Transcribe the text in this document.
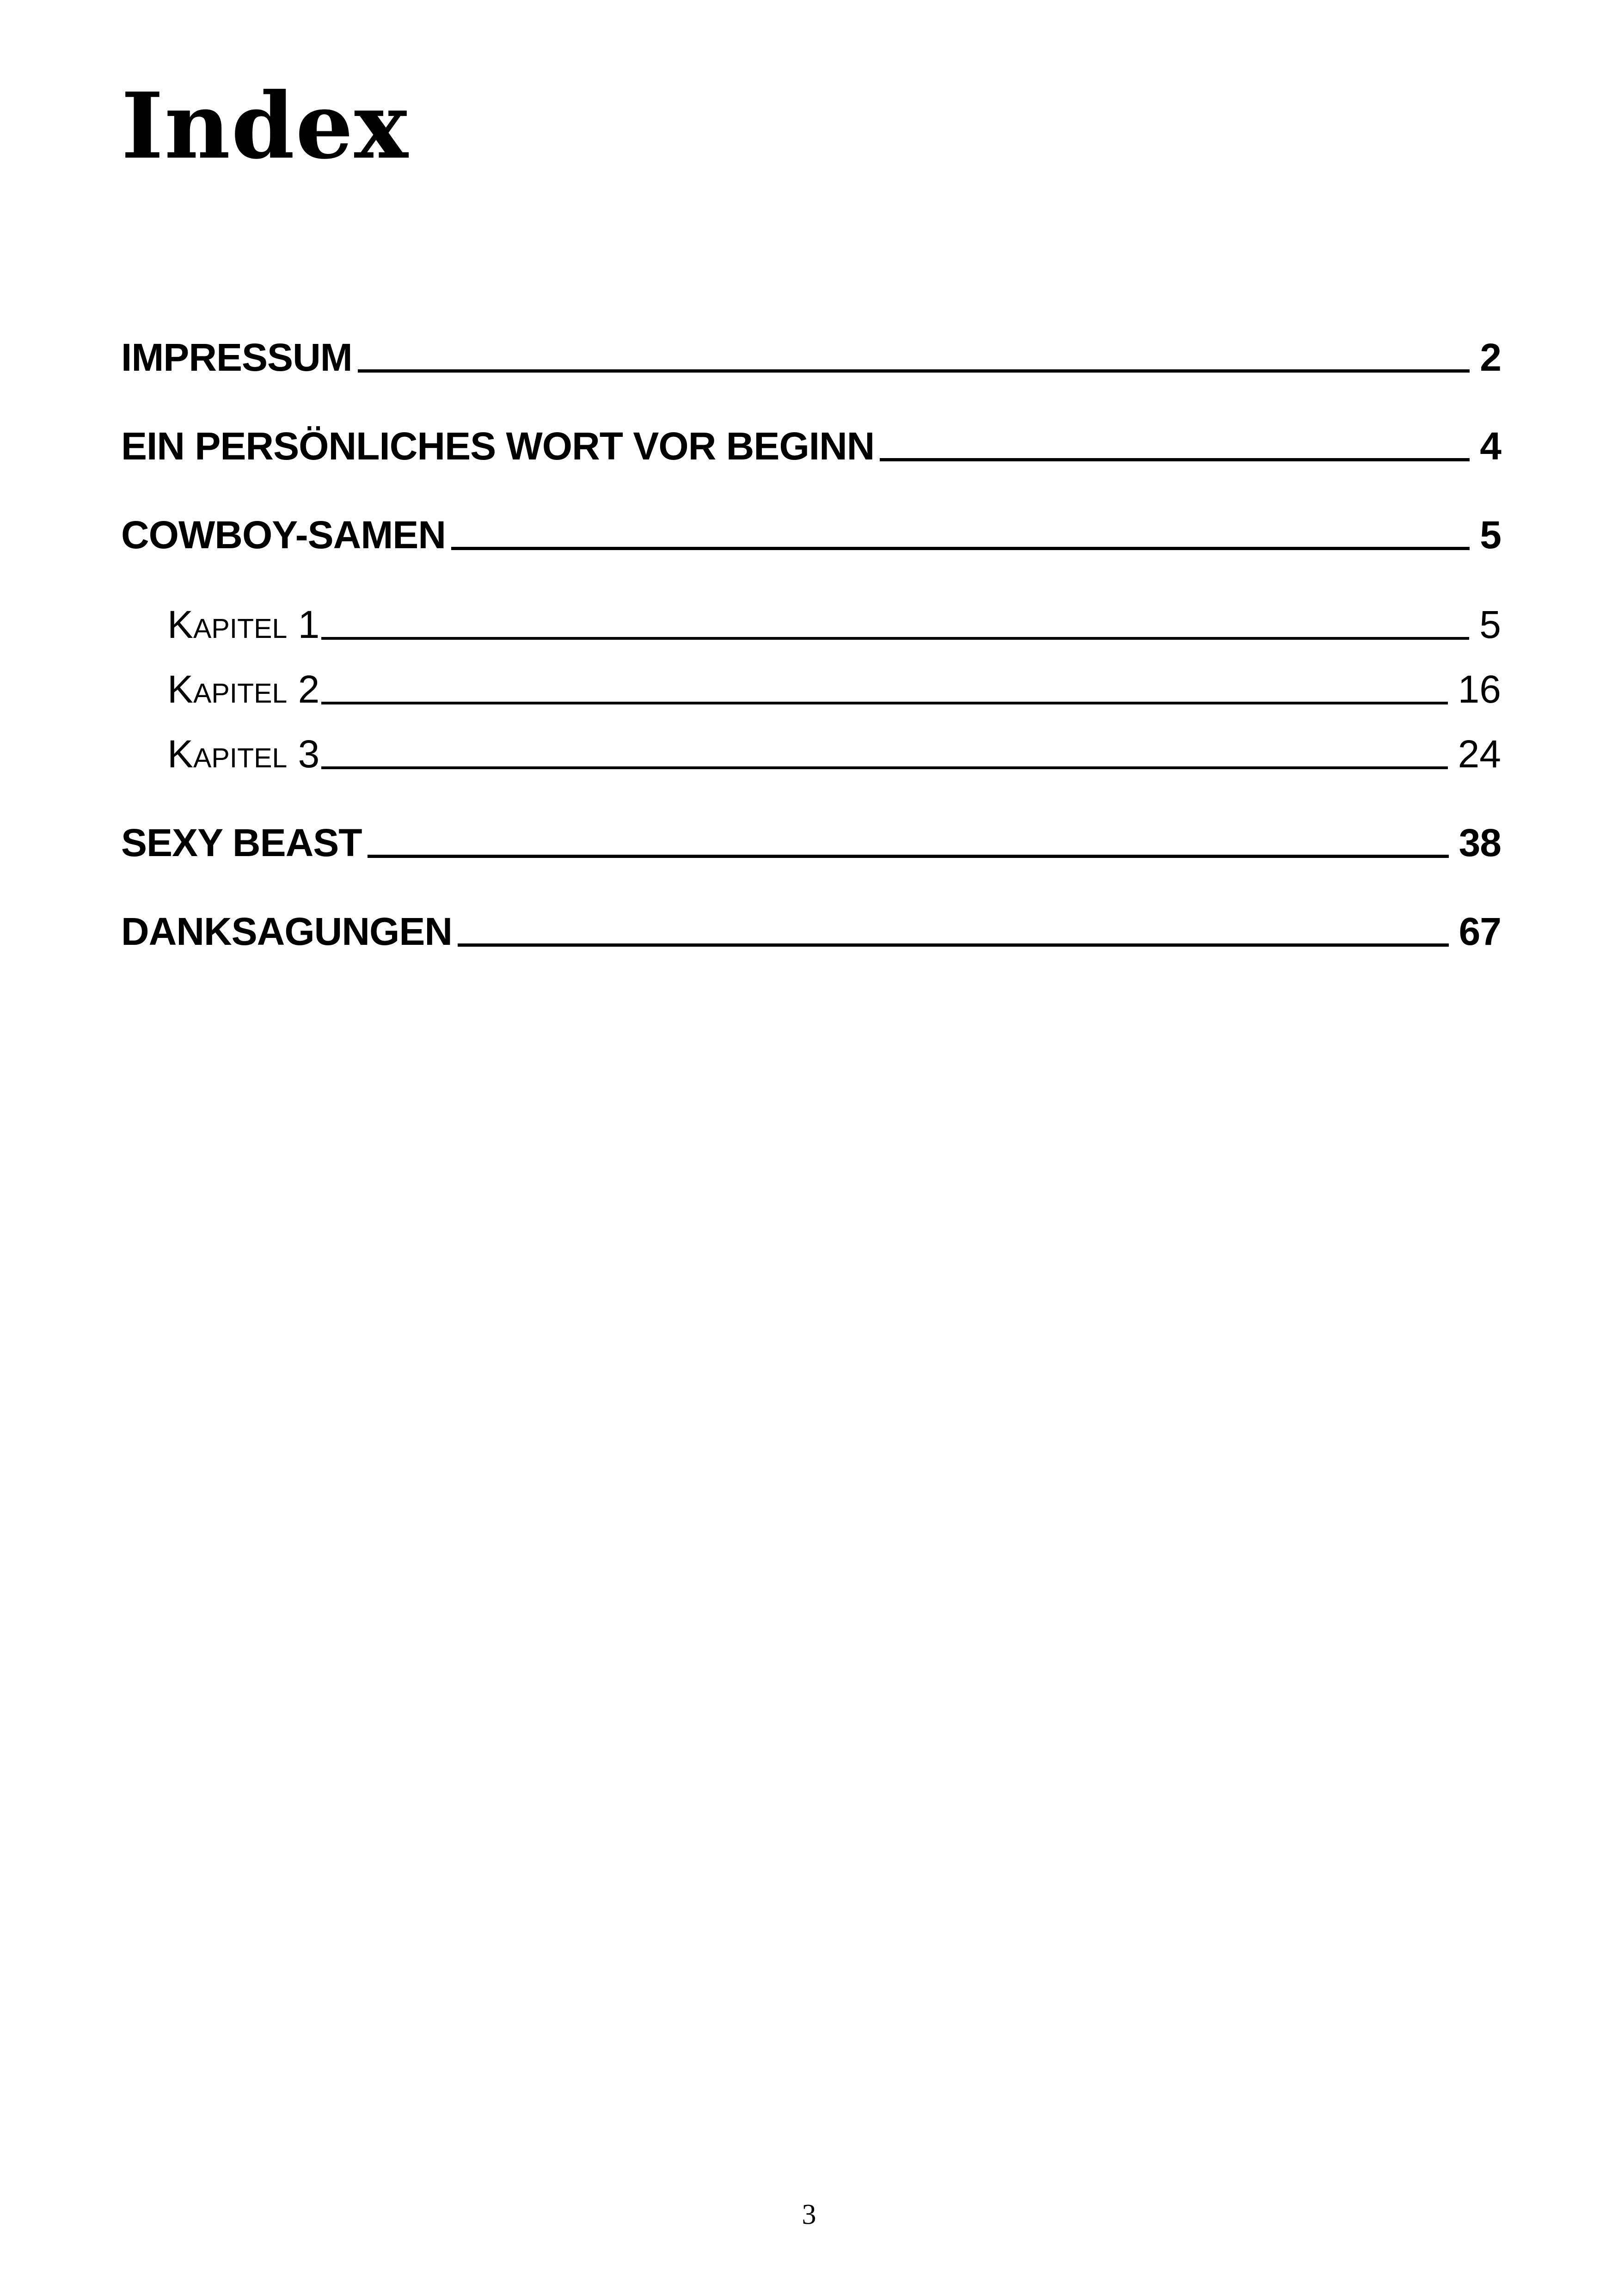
Index
IMPRESSUM	2
EIN PERSÖNLICHES WORT VOR BEGINN	4
COWBOY-SAMEN	5
Kapitel 1	5
Kapitel 2	16
Kapitel 3	24
SEXY BEAST	38
DANKSAGUNGEN	67
3
